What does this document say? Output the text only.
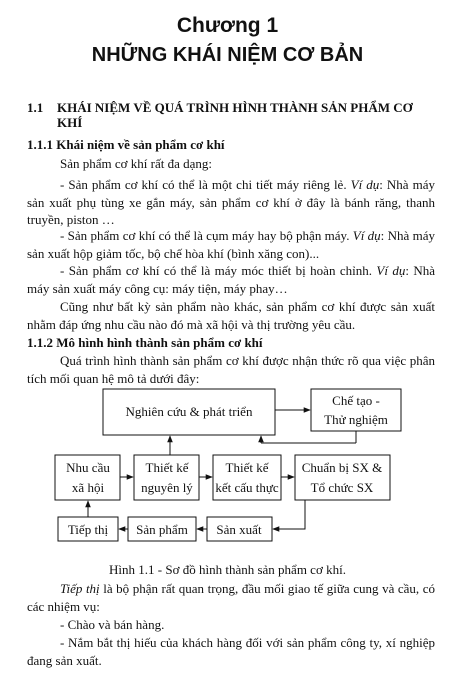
Chương 1
NHỮNG KHÁI NIỆM CƠ BẢN
1.1 KHÁI NIỆM VỀ QUÁ TRÌNH HÌNH THÀNH SẢN PHẨM CƠ KHÍ
1.1.1 Khái niệm về sản phẩm cơ khí

Sản phẩm cơ khí rất đa dạng:

- Sản phẩm cơ khí có thể là một chi tiết máy riêng lẻ. Ví dụ: Nhà máy sản xuất phụ tùng xe gắn máy, sản phẩm cơ khí ở đây là bánh răng, thanh truyền, piston …

- Sản phẩm cơ khí có thể là cụm máy hay bộ phận máy. Ví dụ: Nhà máy sản xuất hộp giảm tốc, bộ chế hòa khí (bình xăng con)...

- Sản phẩm cơ khí có thể là máy móc thiết bị hoàn chỉnh. Ví dụ: Nhà máy sản xuất máy công cụ: máy tiện, máy phay…

Cũng như bất kỳ sản phẩm nào khác, sản phẩm cơ khí được sản xuất nhằm đáp ứng nhu cầu nào đó mà xã hội và thị trường yêu cầu.

1.1.2 Mô hình hình thành sản phẩm cơ khí

Quá trình hình thành sản phẩm cơ khí được nhận thức rõ qua việc phân tích mối quan hệ mô tả dưới đây:

Nghiên cứu & phát triển
Chế tạo -
Thử nghiệm
Nhu cầu
xã hội
Thiết kế
nguyên lý
Thiết kế
kết cấu thực
Chuẩn bị SX &
Tổ chức SX
Tiếp thị Sản phẩm Sản xuất
Hình 1.1 - Sơ đồ hình thành sản phẩm cơ khí.

Tiếp thị là bộ phận rất quan trọng, đầu mối giao tế giữa cung và cầu, có các nhiệm vụ:

- Chào và bán hàng.

- Nắm bắt thị hiếu của khách hàng đối với sản phẩm công ty, xí nghiệp đang sản xuất.
